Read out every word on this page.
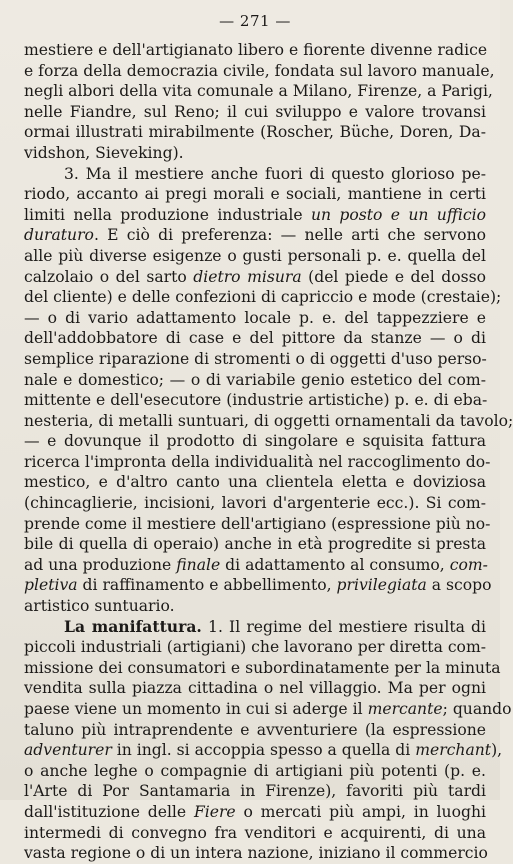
— 271 —
mestiere e dell'artigianato libero e fiorente divenne radice
e forza della democrazia civile, fondata sul lavoro manuale,
negli albori della vita comunale a Milano, Firenze, a Parigi,
nelle Fiandre, sul Reno; il cui sviluppo e valore trovansi
ormai illustrati mirabilmente (Roscher, Büche, Doren, Da-
vidshon, Sieveking).
3. Ma il mestiere anche fuori di questo glorioso pe-
riodo, accanto ai pregi morali e sociali, mantiene in certi
limiti nella produzione industriale un posto e un ufficio
duraturo. E ciò di preferenza: — nelle arti che servono
alle più diverse esigenze o gusti personali p. e. quella del
calzolaio o del sarto dietro misura (del piede e del dosso
del cliente) e delle confezioni di capriccio e mode (crestaie);
— o di vario adattamento locale p. e. del tappezziere e
dell'addobbatore di case e del pittore da stanze — o di
semplice riparazione di stromenti o di oggetti d'uso perso-
nale e domestico; — o di variabile genio estetico del com-
mittente e dell'esecutore (industrie artistiche) p. e. di eba-
nesteria, di metalli suntuari, di oggetti ornamentali da tavolo;
— e dovunque il prodotto di singolare e squisita fattura
ricerca l'impronta della individualità nel raccoglimento do-
mestico, e d'altro canto una clientela eletta e doviziosa
(chincaglierie, incisioni, lavori d'argenterie ecc.). Si com-
prende come il mestiere dell'artigiano (espressione più no-
bile di quella di operaio) anche in età progredite si presta
ad una produzione finale di adattamento al consumo, com-
pletiva di raffinamento e abbellimento, privilegiata a scopo
artistico suntuario.
La manifattura. 1. Il regime del mestiere risulta di
piccoli industriali (artigiani) che lavorano per diretta com-
missione dei consumatori e subordinatamente per la minuta
vendita sulla piazza cittadina o nel villaggio. Ma per ogni
paese viene un momento in cui si aderge il mercante; quando
taluno più intraprendente e avventuriere (la espressione
adventurer in ingl. si accoppia spesso a quella di merchant),
o anche leghe o compagnie di artigiani più potenti (p. e.
l'Arte di Por Santamaria in Firenze), favoriti più tardi
dall'istituzione delle Fiere o mercati più ampi, in luoghi
intermedi di convegno fra venditori e acquirenti, di una
vasta regione o di un intera nazione, iniziano il commercio
